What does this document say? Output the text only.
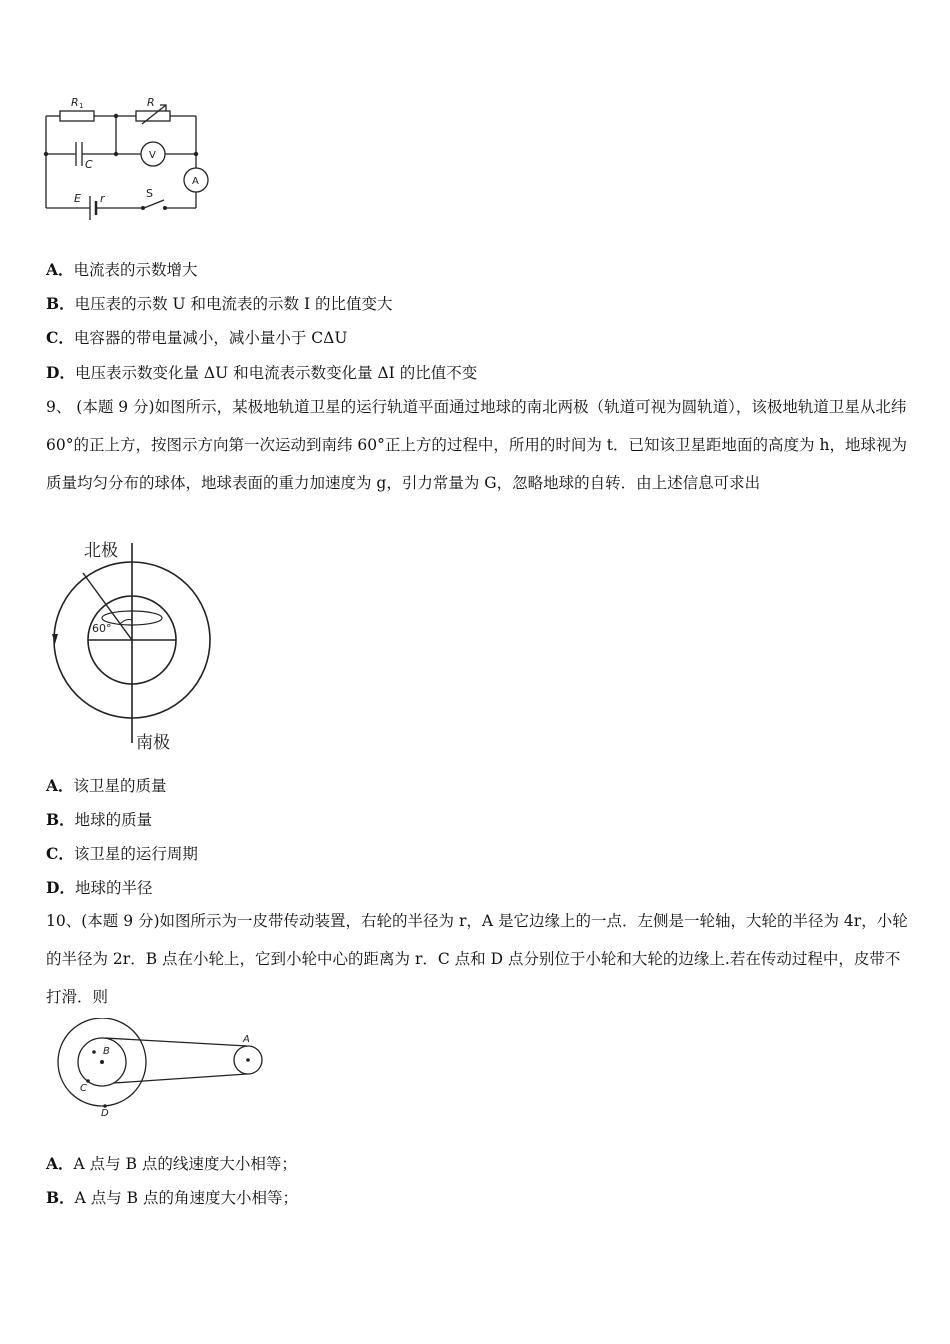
R 1	R
C
V
A
E r	S
A．电流表的示数增大
B．电压表的示数 U 和电流表的示数 I 的比值变大
C．电容器的带电量减小，减小量小于 CΔU
D．电压表示数变化量 ΔU 和电流表示数变化量 ΔI 的比值不变
9、 (本题 9 分)如图所示，某极地轨道卫星的运行轨道平面通过地球的南北两极（轨道可视为圆轨道），该极地轨道卫星从北纬 60°的正上方，按图示方向第一次运动到南纬 60°正上方的过程中，所用的时间为 t．已知该卫星距地面的高度为 h，地球视为质量均匀分布的球体，地球表面的重力加速度为 g，引力常量为 G，忽略地球的自转．由上述信息可求出
北极
南极
60°
A．该卫星的质量
B．地球的质量
C．该卫星的运行周期
D．地球的半径
10、(本题 9 分)如图所示为一皮带传动装置，右轮的半径为 r，A 是它边缘上的一点．左侧是一轮轴，大轮的半径为 4r，小轮的半径为 2r．B 点在小轮上，它到小轮中心的距离为 r．C 点和 D 点分别位于小轮和大轮的边缘上.若在传动过程中，皮带不打滑．则
A
B
C
D
A．A 点与 B 点的线速度大小相等；
B．A 点与 B 点的角速度大小相等；
